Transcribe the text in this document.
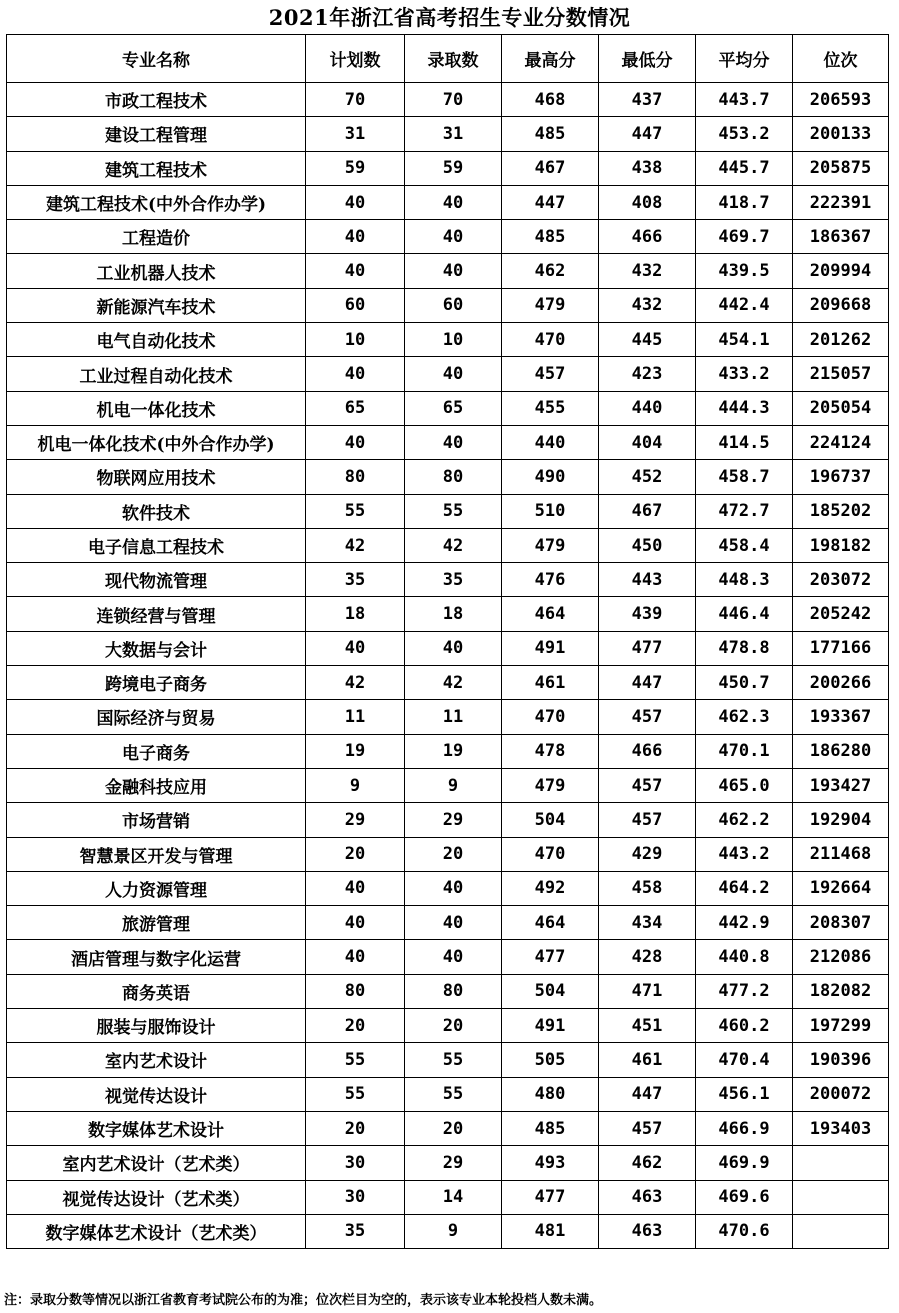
2021年浙江省高考招生专业分数情况
专业名称	计划数	录取数	最高分	最低分	平均分	位次
市政工程技术	70	70	468	437	443.7	206593
建设工程管理	31	31	485	447	453.2	200133
建筑工程技术	59	59	467	438	445.7	205875
建筑工程技术(中外合作办学)	40	40	447	408	418.7	222391
工程造价	40	40	485	466	469.7	186367
工业机器人技术	40	40	462	432	439.5	209994
新能源汽车技术	60	60	479	432	442.4	209668
电气自动化技术	10	10	470	445	454.1	201262
工业过程自动化技术	40	40	457	423	433.2	215057
机电一体化技术	65	65	455	440	444.3	205054
机电一体化技术(中外合作办学)	40	40	440	404	414.5	224124
物联网应用技术	80	80	490	452	458.7	196737
软件技术	55	55	510	467	472.7	185202
电子信息工程技术	42	42	479	450	458.4	198182
现代物流管理	35	35	476	443	448.3	203072
连锁经营与管理	18	18	464	439	446.4	205242
大数据与会计	40	40	491	477	478.8	177166
跨境电子商务	42	42	461	447	450.7	200266
国际经济与贸易	11	11	470	457	462.3	193367
电子商务	19	19	478	466	470.1	186280
金融科技应用	9	9	479	457	465.0	193427
市场营销	29	29	504	457	462.2	192904
智慧景区开发与管理	20	20	470	429	443.2	211468
人力资源管理	40	40	492	458	464.2	192664
旅游管理	40	40	464	434	442.9	208307
酒店管理与数字化运营	40	40	477	428	440.8	212086
商务英语	80	80	504	471	477.2	182082
服装与服饰设计	20	20	491	451	460.2	197299
室内艺术设计	55	55	505	461	470.4	190396
视觉传达设计	55	55	480	447	456.1	200072
数字媒体艺术设计	20	20	485	457	466.9	193403
室内艺术设计（艺术类）	30	29	493	462	469.9	
视觉传达设计（艺术类）	30	14	477	463	469.6	
数字媒体艺术设计（艺术类）	35	9	481	463	470.6	
注：录取分数等情况以浙江省教育考试院公布的为准；位次栏目为空的，表示该专业本轮投档人数未满。
